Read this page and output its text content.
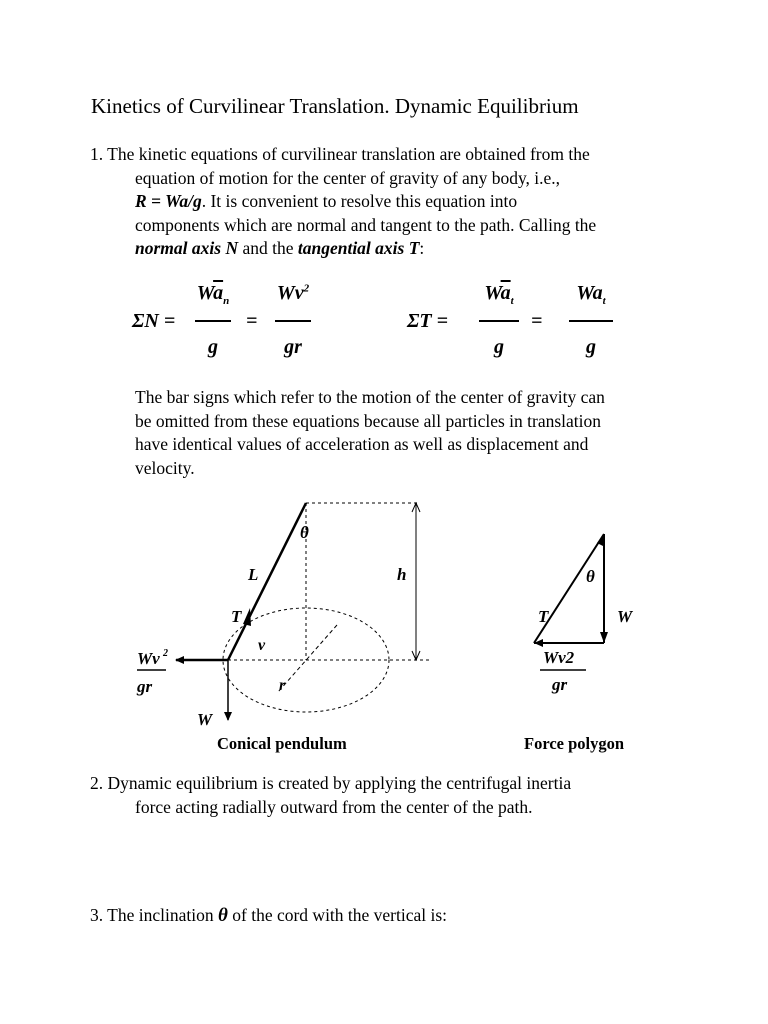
Kinetics of Curvilinear Translation. Dynamic Equilibrium
1. The kinetic equations of curvilinear translation are obtained from the
equation of motion for the center of gravity of any body, i.e.,
R = Wa/g. It is convenient to resolve this equation into
components which are normal and tangent to the path. Calling the
normal axis N and the tangential axis T:
ΣN =
$W\overline{a}_n$
g
=
$Wv^2$
gr
ΣT =
$W\overline{a}_t$
g
=
$Wa_t$
g
The bar signs which refer to the motion of the center of gravity can
be omitted from these equations because all particles in translation
have identical values of acceleration as well as displacement and
velocity.
θ
L	h
T
v
r
W
Wv 2
gr
θ
T	W
Wv2
gr
Conical pendulum	Force polygon
2. Dynamic equilibrium is created by applying the centrifugal inertia
force acting radially outward from the center of the path.
3. The inclination θ of the cord with the vertical is:
